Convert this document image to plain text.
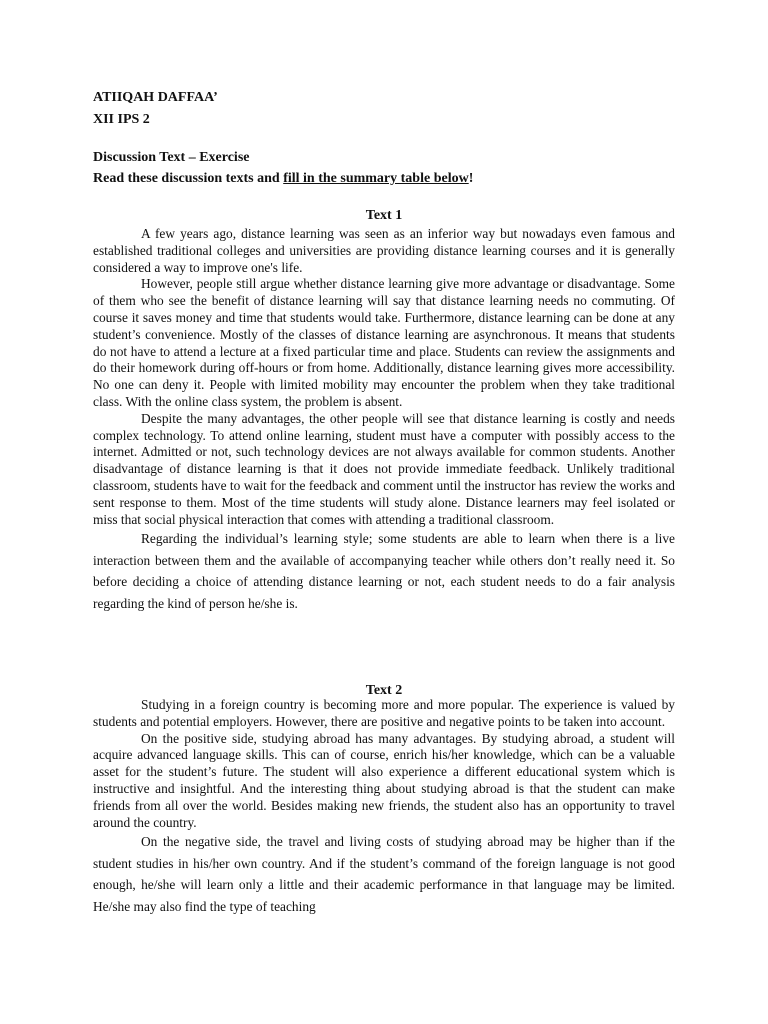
ATIIQAH DAFFAA’
XII IPS 2
Discussion Text – Exercise
Read these discussion texts and fill in the summary table below!
Text 1

A few years ago, distance learning was seen as an inferior way but nowadays even famous and established traditional colleges and universities are providing distance learning courses and it is generally considered a way to improve one's life.

However, people still argue whether distance learning give more advantage or disadvantage. Some of them who see the benefit of distance learning will say that distance learning needs no commuting. Of course it saves money and time that students would take. Furthermore, distance learning can be done at any student’s convenience. Mostly of the classes of distance learning are asynchronous. It means that students do not have to attend a lecture at a fixed particular time and place. Students can review the assignments and do their homework during off-hours or from home. Additionally, distance learning gives more accessibility. No one can deny it. People with limited mobility may encounter the problem when they take traditional class. With the online class system, the problem is absent.

Despite the many advantages, the other people will see that distance learning is costly and needs complex technology. To attend online learning, student must have a computer with possibly access to the internet. Admitted or not, such technology devices are not always available for common students. Another disadvantage of distance learning is that it does not provide immediate feedback. Unlikely traditional classroom, students have to wait for the feedback and comment until the instructor has review the works and sent response to them. Most of the time students will study alone. Distance learners may feel isolated or miss that social physical interaction that comes with attending a traditional classroom.

Regarding the individual’s learning style; some students are able to learn when there is a live interaction between them and the available of accompanying teacher while others don’t really need it. So before deciding a choice of attending distance learning or not, each student needs to do a fair analysis regarding the kind of person he/she is.

Text 2

Studying in a foreign country is becoming more and more popular. The experience is valued by students and potential employers. However, there are positive and negative points to be taken into account.

On the positive side, studying abroad has many advantages. By studying abroad, a student will acquire advanced language skills. This can of course, enrich his/her knowledge, which can be a valuable asset for the student’s future. The student will also experience a different educational system which is instructive and insightful. And the interesting thing about studying abroad is that the student can make friends from all over the world. Besides making new friends, the student also has an opportunity to travel around the country.

On the negative side, the travel and living costs of studying abroad may be higher than if the student studies in his/her own country. And if the student’s command of the foreign language is not good enough, he/she will learn only a little and their academic performance in that language may be limited. He/she may also find the type of teaching
